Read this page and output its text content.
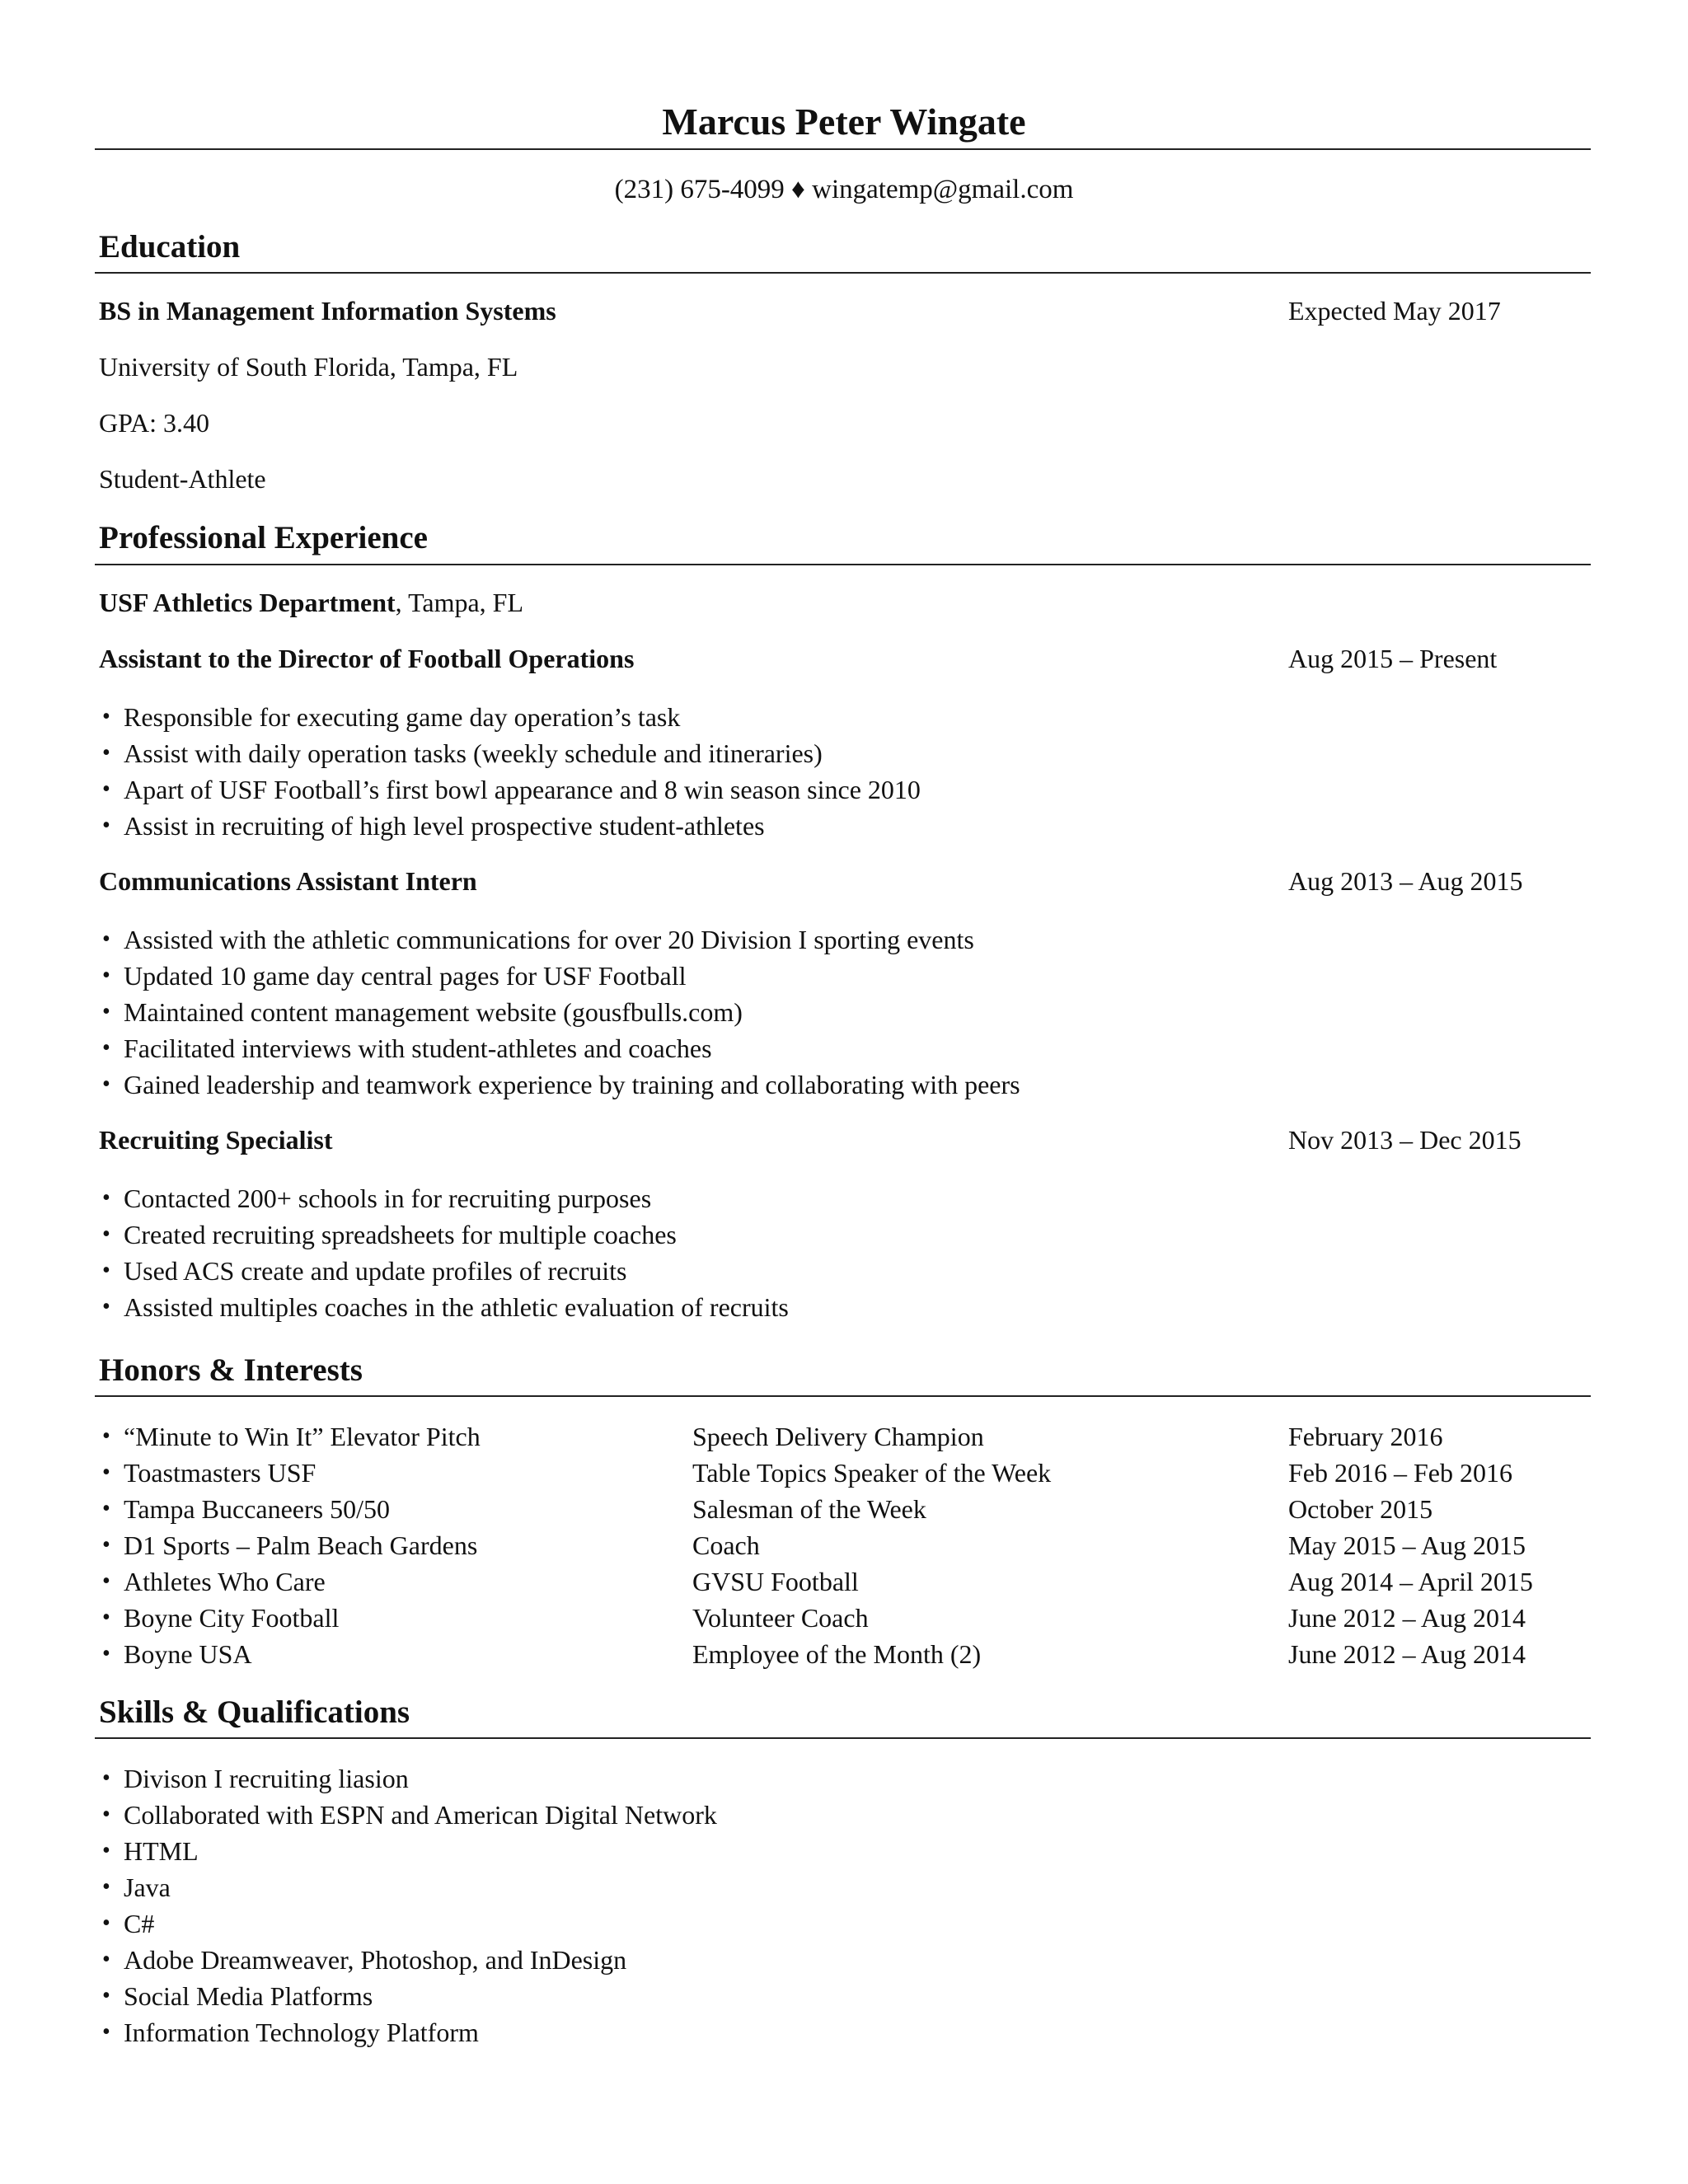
Marcus Peter Wingate
(231) 675-4099 ♦ wingatemp@gmail.com
Education
BS in Management Information Systems	Expected May 2017
University of South Florida, Tampa, FL
GPA: 3.40
Student-Athlete
Professional Experience
USF Athletics Department, Tampa, FL
Assistant to the Director of Football Operations	Aug 2015 – Present
• Responsible for executing game day operation’s task
• Assist with daily operation tasks (weekly schedule and itineraries)
• Apart of USF Football’s first bowl appearance and 8 win season since 2010
• Assist in recruiting of high level prospective student-athletes
Communications Assistant Intern	Aug 2013 – Aug 2015
• Assisted with the athletic communications for over 20 Division I sporting events
• Updated 10 game day central pages for USF Football
• Maintained content management website (gousfbulls.com)
• Facilitated interviews with student-athletes and coaches
• Gained leadership and teamwork experience by training and collaborating with peers
Recruiting Specialist	Nov 2013 – Dec 2015
• Contacted 200+ schools in for recruiting purposes
• Created recruiting spreadsheets for multiple coaches
• Used ACS create and update profiles of recruits
• Assisted multiples coaches in the athletic evaluation of recruits
Honors & Interests
• “Minute to Win It” Elevator Pitch	Speech Delivery Champion	February 2016
• Toastmasters USF	Table Topics Speaker of the Week	Feb 2016 – Feb 2016
• Tampa Buccaneers 50/50	Salesman of the Week	October 2015
• D1 Sports – Palm Beach Gardens	Coach	May 2015 – Aug 2015
• Athletes Who Care	GVSU Football	Aug 2014 – April 2015
• Boyne City Football	Volunteer Coach	June 2012 – Aug 2014
• Boyne USA	Employee of the Month (2)	June 2012 – Aug 2014
Skills & Qualifications
• Divison I recruiting liasion
• Collaborated with ESPN and American Digital Network
• HTML
• Java
• C#
• Adobe Dreamweaver, Photoshop, and InDesign
• Social Media Platforms
• Information Technology Platform
